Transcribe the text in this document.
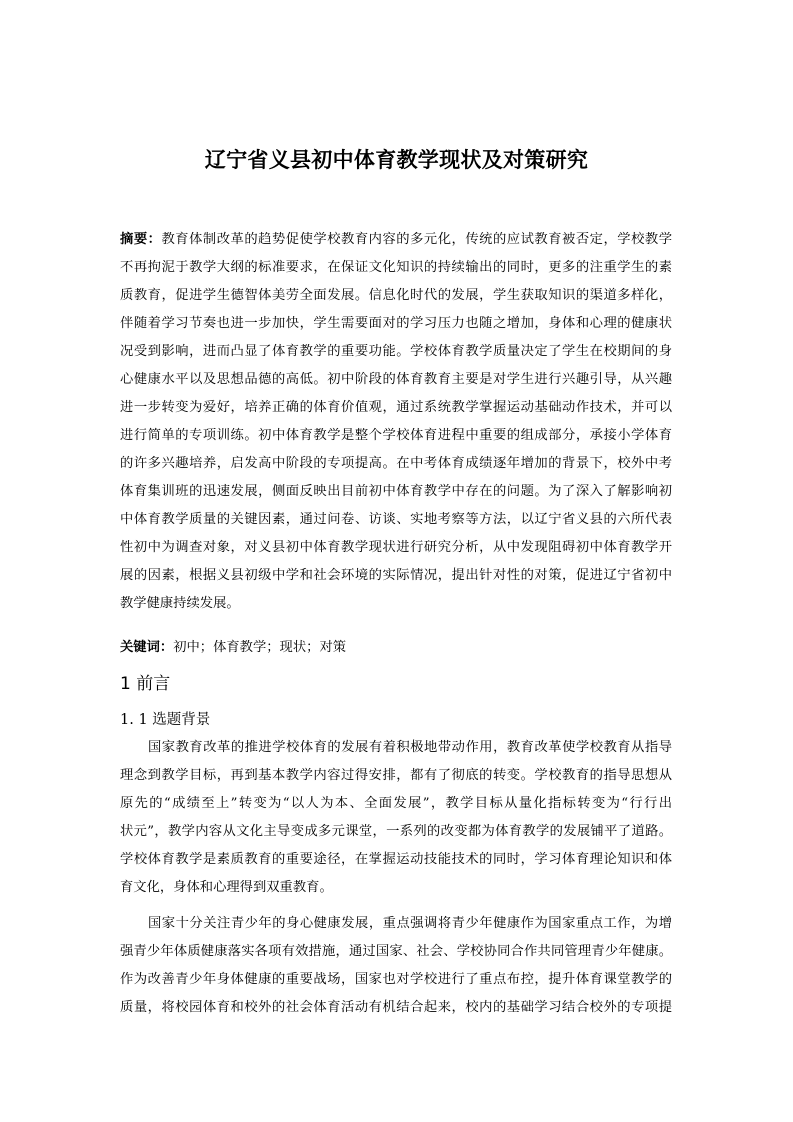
辽宁省义县初中体育教学现状及对策研究
摘要：教育体制改革的趋势促使学校教育内容的多元化，传统的应试教育被否定，学校教学
不再拘泥于教学大纲的标准要求，在保证文化知识的持续输出的同时，更多的注重学生的素
质教育，促进学生德智体美劳全面发展。信息化时代的发展，学生获取知识的渠道多样化，
伴随着学习节奏也进一步加快，学生需要面对的学习压力也随之增加，身体和心理的健康状
况受到影响，进而凸显了体育教学的重要功能。学校体育教学质量决定了学生在校期间的身
心健康水平以及思想品德的高低。初中阶段的体育教育主要是对学生进行兴趣引导，从兴趣
进一步转变为爱好，培养正确的体育价值观，通过系统教学掌握运动基础动作技术，并可以
进行简单的专项训练。初中体育教学是整个学校体育进程中重要的组成部分，承接小学体育
的许多兴趣培养，启发高中阶段的专项提高。在中考体育成绩逐年增加的背景下，校外中考
体育集训班的迅速发展，侧面反映出目前初中体育教学中存在的问题。为了深入了解影响初
中体育教学质量的关键因素，通过问卷、访谈、实地考察等方法，以辽宁省义县的六所代表
性初中为调查对象，对义县初中体育教学现状进行研究分析，从中发现阻碍初中体育教学开
展的因素，根据义县初级中学和社会环境的实际情况，提出针对性的对策，促进辽宁省初中
教学健康持续发展。
关键词：初中；体育教学；现状；对策
1 前言
1. 1 选题背景
国家教育改革的推进学校体育的发展有着积极地带动作用，教育改革使学校教育从指导
理念到教学目标，再到基本教学内容过得安排，都有了彻底的转变。学校教育的指导思想从
原先的“成绩至上”转变为“以人为本、全面发展”，教学目标从量化指标转变为“行行出
状元”，教学内容从文化主导变成多元课堂，一系列的改变都为体育教学的发展铺平了道路。
学校体育教学是素质教育的重要途径，在掌握运动技能技术的同时，学习体育理论知识和体
育文化，身体和心理得到双重教育。
国家十分关注青少年的身心健康发展，重点强调将青少年健康作为国家重点工作，为增
强青少年体质健康落实各项有效措施，通过国家、社会、学校协同合作共同管理青少年健康。
作为改善青少年身体健康的重要战场，国家也对学校进行了重点布控，提升体育课堂教学的
质量，将校园体育和校外的社会体育活动有机结合起来，校内的基础学习结合校外的专项提
